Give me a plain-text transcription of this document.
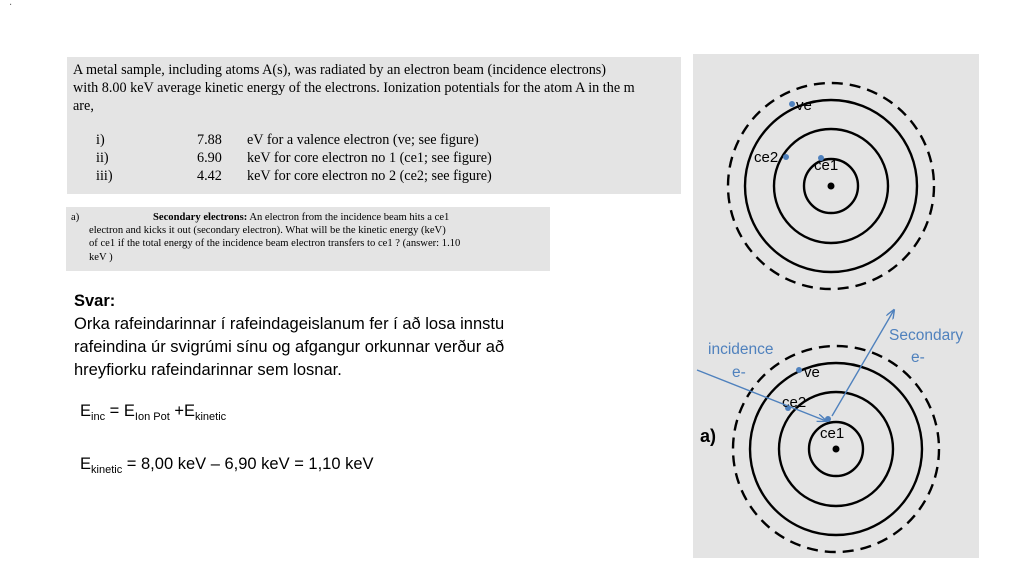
·
A metal sample, including atoms A(s), was radiated by an electron beam (incidence electrons)
with 8.00 keV average kinetic energy of the electrons. Ionization potentials for the atom A in the m
are,
i)	7.88	eV for a valence electron (ve; see figure)
ii)	6.90	keV for core electron no 1 (ce1; see figure)
iii)	4.42	keV for core electron no 2 (ce2; see figure)
a)	Secondary electrons: An electron from the incidence beam hits a ce1
electron and kicks it out (secondary electron). What will be the kinetic energy (keV)
of ce1 if the total energy of the incidence beam electron transfers to ce1 ? (answer: 1.10
keV )
Svar:
Orka rafeindarinnar í rafeindageislanum fer í að losa innstu
rafeindina úr svigrúmi sínu og afgangur orkunnar verður að
hreyfiorku rafeindarinnar sem losnar.
$E_{inc} = E_{Ion Pot} +E_{kinetic}$
$E_{kinetic} = 8,00$ keV – 6,90 keV = 1,10 keV
ve
ce2 ce1
ve
ce2
ce1
incidence
e-
Secondary
e-
a)
